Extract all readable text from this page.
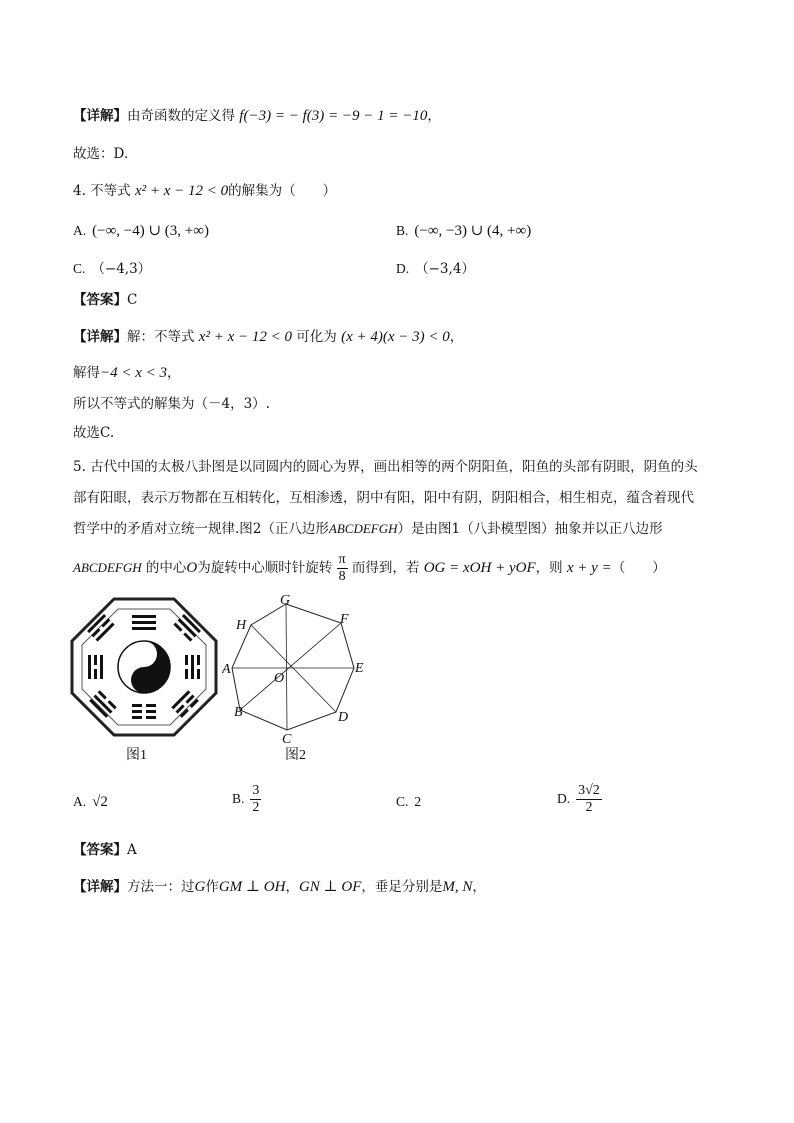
【详解】由奇函数的定义得 f(−3) = − f(3) = −9 − 1 = −10，
故选：D.
4. 不等式 x² + x − 12 < 0的解集为（　　）
A. (−∞, −4) ∪ (3, +∞)	B. (−∞, −3) ∪ (4, +∞)
C. （−4,3）	D. （−3,4）
【答案】C
【详解】解：不等式 x² + x − 12 < 0 可化为 (x + 4)(x − 3) < 0，
解得−4 < x < 3，
所以不等式的解集为（－4，3）.
故选C.
5. 古代中国的太极八卦图是以同圆内的圆心为界，画出相等的两个阴阳鱼，阳鱼的头部有阴眼，阴鱼的头
部有阳眼，表示万物都在互相转化，互相渗透，阴中有阳，阳中有阴，阴阳相合，相生相克，蕴含着现代
哲学中的矛盾对立统一规律.图2（正八边形ABCDEFGH）是由图1（八卦模型图）抽象并以正八边形
ABCDEFGH 的中心O为旋转中心顺时针旋转 $\frac{\pi}{8}$ 而得到，若 OG = xOH + yOF，则 x + y =（　　）
图1
G
F
E
D
C
B
A
H
O
图2
A. √2	B. $\frac{3}{2}$	C. 2	D. $\frac{3√2}{2}$
【答案】A
【详解】方法一：过G作GM ⊥ OH，GN ⊥ OF，垂足分别是M, N，
